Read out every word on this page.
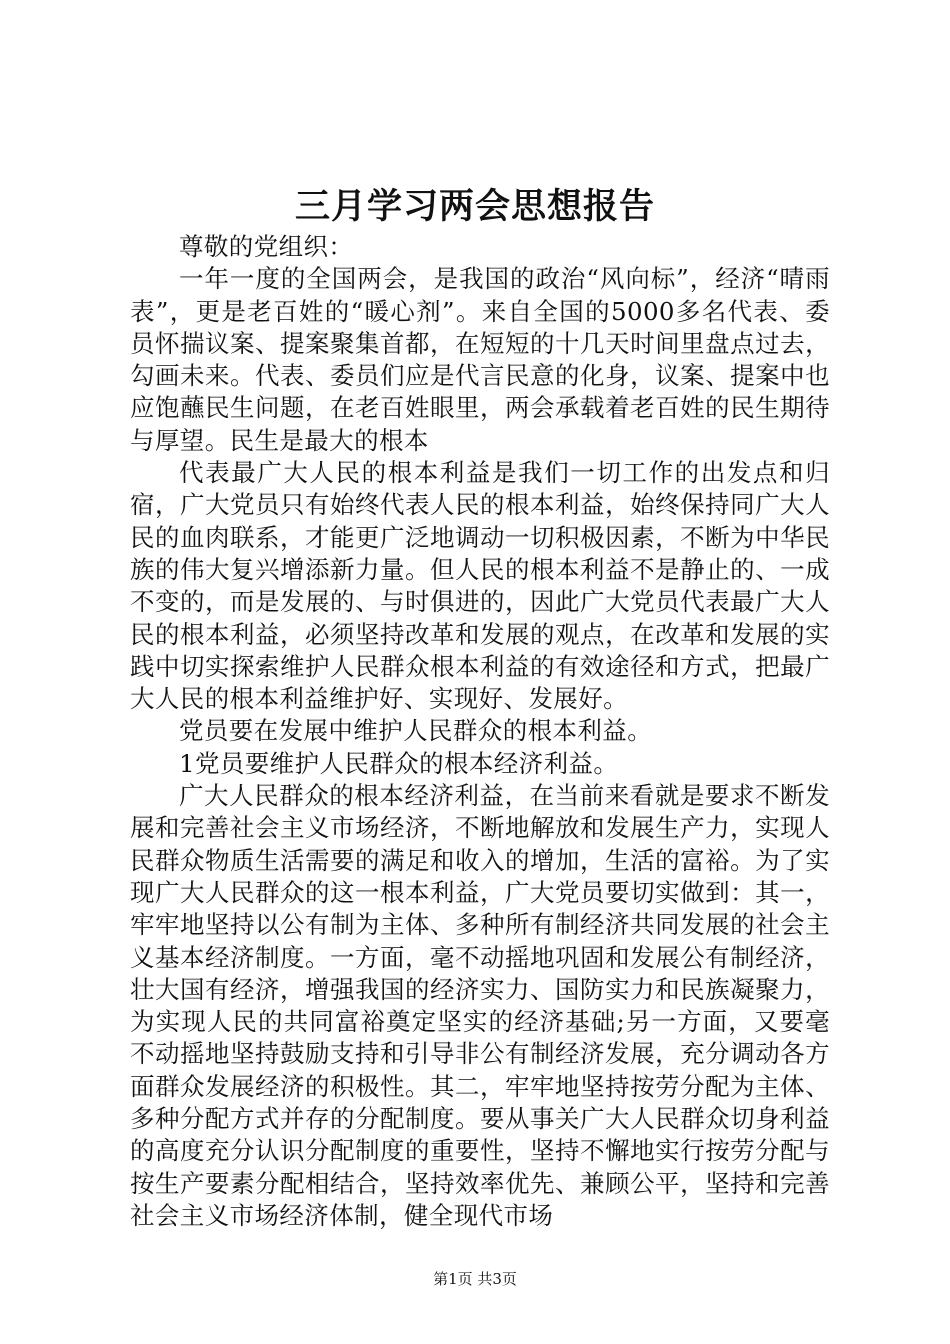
三月学习两会思想报告

尊敬的党组织：

一年一度的全国两会，是我国的政治“风向标”，经济“晴雨表”，更是老百姓的“暖心剂”。来自全国的5000多名代表、委员怀揣议案、提案聚集首都，在短短的十几天时间里盘点过去，勾画未来。代表、委员们应是代言民意的化身，议案、提案中也应饱蘸民生问题，在老百姓眼里，两会承载着老百姓的民生期待与厚望。民生是最大的根本

代表最广大人民的根本利益是我们一切工作的出发点和归宿，广大党员只有始终代表人民的根本利益，始终保持同广大人民的血肉联系，才能更广泛地调动一切积极因素，不断为中华民族的伟大复兴增添新力量。但人民的根本利益不是静止的、一成不变的，而是发展的、与时俱进的，因此广大党员代表最广大人民的根本利益，必须坚持改革和发展的观点，在改革和发展的实践中切实探索维护人民群众根本利益的有效途径和方式，把最广大人民的根本利益维护好、实现好、发展好。

党员要在发展中维护人民群众的根本利益。

1党员要维护人民群众的根本经济利益。

广大人民群众的根本经济利益，在当前来看就是要求不断发展和完善社会主义市场经济，不断地解放和发展生产力，实现人民群众物质生活需要的满足和收入的增加，生活的富裕。为了实现广大人民群众的这一根本利益，广大党员要切实做到：其一，牢牢地坚持以公有制为主体、多种所有制经济共同发展的社会主义基本经济制度。一方面，毫不动摇地巩固和发展公有制经济，壮大国有经济，增强我国的经济实力、国防实力和民族凝聚力，为实现人民的共同富裕奠定坚实的经济基础;另一方面，又要毫不动摇地坚持鼓励支持和引导非公有制经济发展，充分调动各方面群众发展经济的积极性。其二，牢牢地坚持按劳分配为主体、多种分配方式并存的分配制度。要从事关广大人民群众切身利益的高度充分认识分配制度的重要性，坚持不懈地实行按劳分配与按生产要素分配相结合，坚持效率优先、兼顾公平，坚持和完善社会主义市场经济体制，健全现代市场

第1页 共3页
